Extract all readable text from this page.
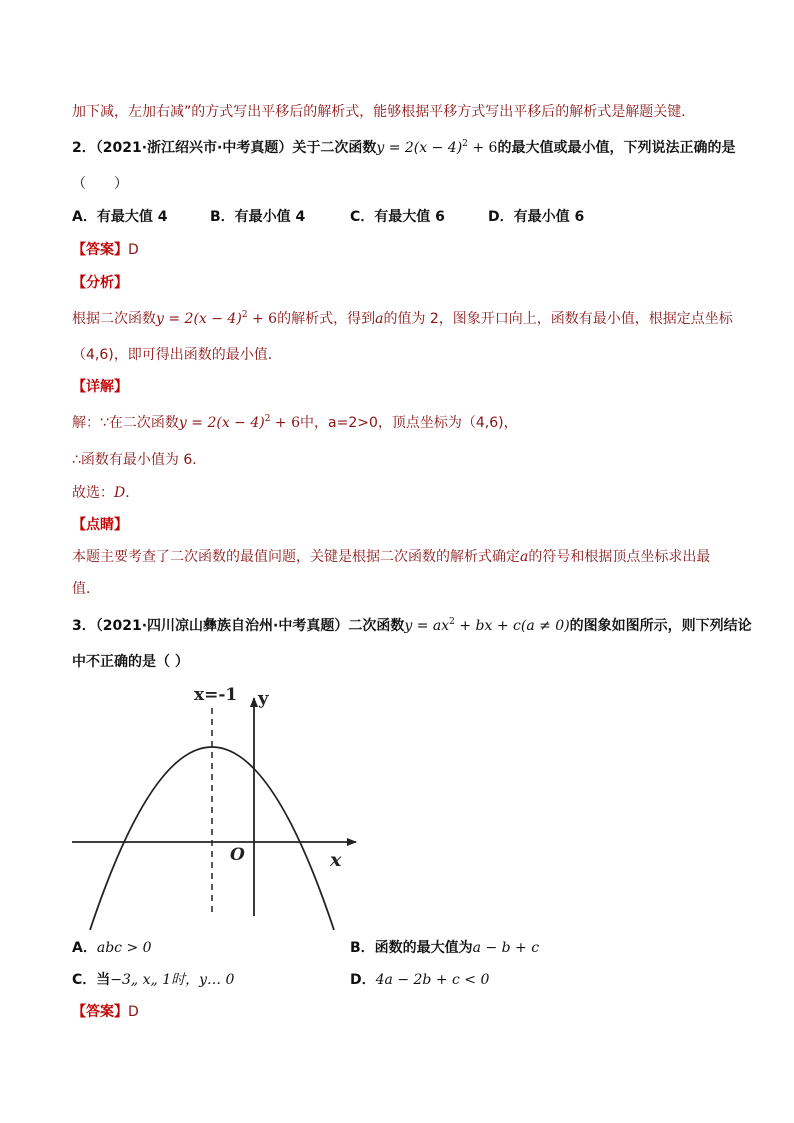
加下减，左加右减”的方式写出平移后的解析式，能够根据平移方式写出平移后的解析式是解题关键．
2．（2021·浙江绍兴市·中考真题）关于二次函数$y = 2(x - 4)^2 + 6$的最大值或最小值，下列说法正确的是
（　　）
A．有最大值 4	B．有最小值 4	C．有最大值 6	D．有最小值 6
【答案】D
【分析】
根据二次函数$y = 2(x - 4)^2 + 6$的解析式，得到a的值为 2，图象开口向上，函数有最小值，根据定点坐标
（4,6)，即可得出函数的最小值．
【详解】
解：∵在二次函数$y = 2(x - 4)^2 + 6$中，a=2>0，顶点坐标为（4,6)，
∴函数有最小值为 6．
故选：D．
【点睛】
本题主要考查了二次函数的最值问题，关键是根据二次函数的解析式确定a的符号和根据顶点坐标求出最
值．
3．（2021·四川凉山彝族自治州·中考真题）二次函数$y = ax^2$ + bx + c(a ≠ 0)的图象如图所示，则下列结论
中不正确的是（ ）
x=-1 y
x
O
A．abc > 0	B．函数的最大值为a − b + c
C．当−3„ x„ 1时，y… 0	D．4a − 2b + c < 0
【答案】D
